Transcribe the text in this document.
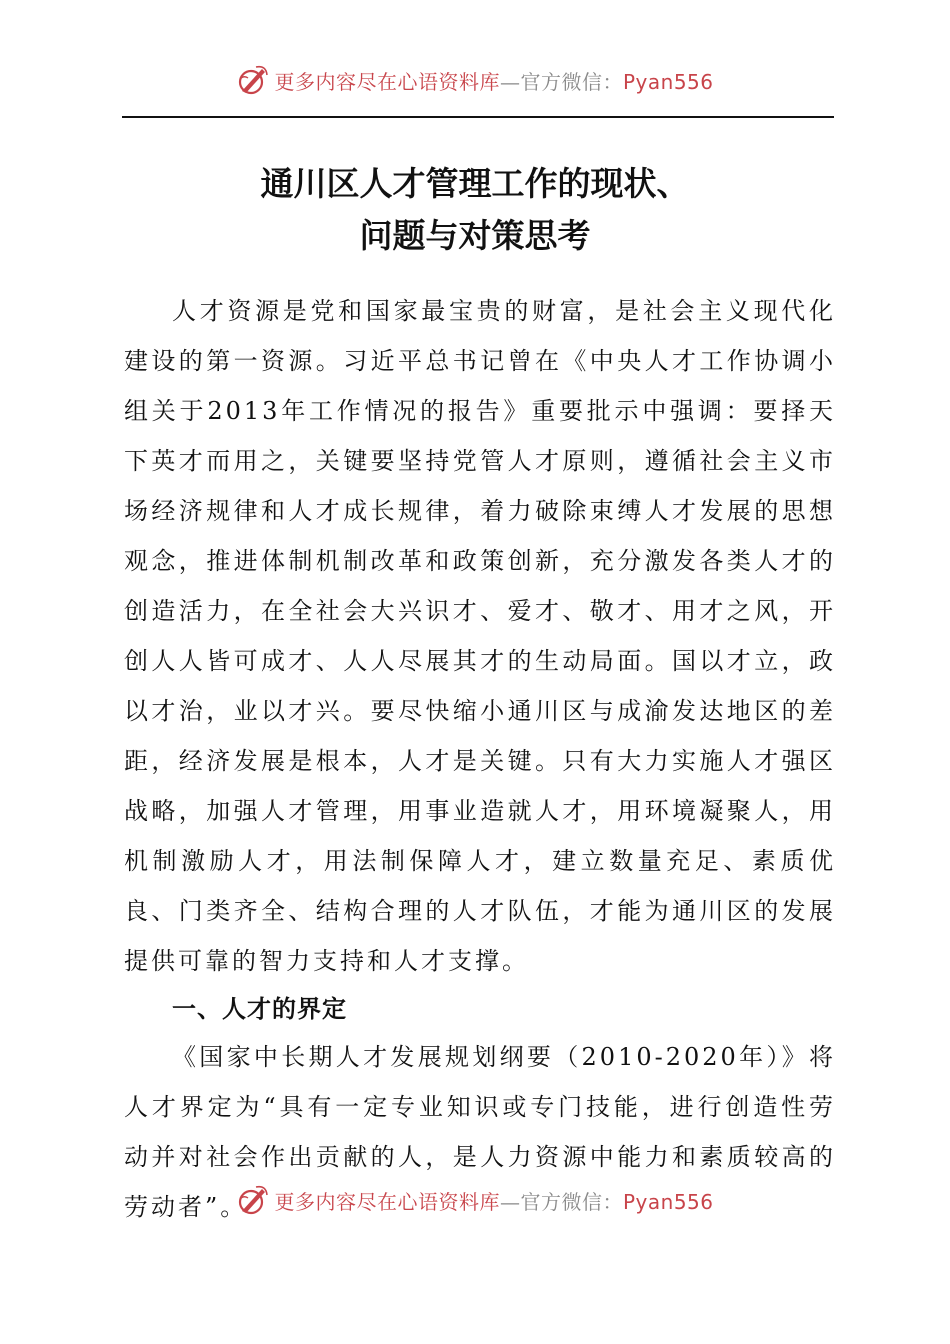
更多内容尽在心语资料库—官方微信：Pyan556
通川区人才管理工作的现状、
问题与对策思考

人才资源是党和国家最宝贵的财富，是社会主义现代化建设的第一资源。习近平总书记曾在《中央人才工作协调小组关于2013年工作情况的报告》重要批示中强调：要择天下英才而用之，关键要坚持党管人才原则，遵循社会主义市场经济规律和人才成长规律，着力破除束缚人才发展的思想观念，推进体制机制改革和政策创新，充分激发各类人才的创造活力，在全社会大兴识才、爱才、敬才、用才之风，开创人人皆可成才、人人尽展其才的生动局面。国以才立，政以才治，业以才兴。要尽快缩小通川区与成渝发达地区的差距，经济发展是根本，人才是关键。只有大力实施人才强区战略，加强人才管理，用事业造就人才，用环境凝聚人，用机制激励人才，用法制保障人才，建立数量充足、素质优良、门类齐全、结构合理的人才队伍，才能为通川区的发展提供可靠的智力支持和人才支撑。

一、人才的界定

《国家中长期人才发展规划纲要（2010-2020年）》将人才界定为“具有一定专业知识或专门技能，进行创造性劳动并对社会作出贡献的人，是人力资源中能力和素质较高的劳动者”。	更多内容尽在心语资料库—官方微信：Pyan556
